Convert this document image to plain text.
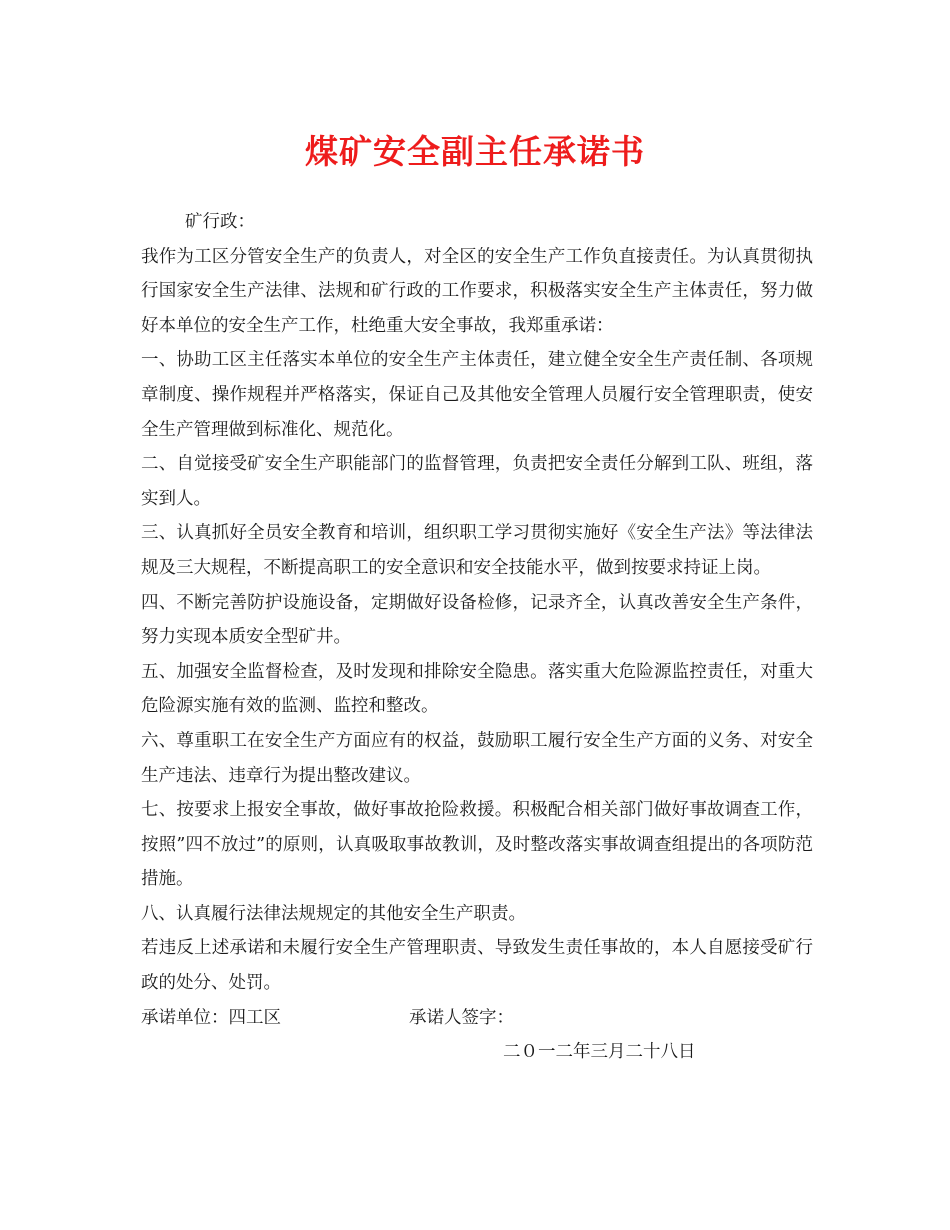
煤矿安全副主任承诺书
矿行政：

我作为工区分管安全生产的负责人，对全区的安全生产工作负直接责任。为认真贯彻执行国家安全生产法律、法规和矿行政的工作要求，积极落实安全生产主体责任，努力做好本单位的安全生产工作，杜绝重大安全事故，我郑重承诺：

一、协助工区主任落实本单位的安全生产主体责任，建立健全安全生产责任制、各项规章制度、操作规程并严格落实，保证自己及其他安全管理人员履行安全管理职责，使安全生产管理做到标准化、规范化。

二、自觉接受矿安全生产职能部门的监督管理，负责把安全责任分解到工队、班组，落实到人。

三、认真抓好全员安全教育和培训，组织职工学习贯彻实施好《安全生产法》等法律法规及三大规程，不断提高职工的安全意识和安全技能水平，做到按要求持证上岗。

四、不断完善防护设施设备，定期做好设备检修，记录齐全，认真改善安全生产条件，努力实现本质安全型矿井。

五、加强安全监督检查，及时发现和排除安全隐患。落实重大危险源监控责任，对重大危险源实施有效的监测、监控和整改。

六、尊重职工在安全生产方面应有的权益，鼓励职工履行安全生产方面的义务、对安全生产违法、违章行为提出整改建议。

七、按要求上报安全事故，做好事故抢险救援。积极配合相关部门做好事故调查工作，按照”四不放过”的原则，认真吸取事故教训，及时整改落实事故调查组提出的各项防范措施。

八、认真履行法律法规规定的其他安全生产职责。

若违反上述承诺和未履行安全生产管理职责、导致发生责任事故的，本人自愿接受矿行政的处分、处罚。

承诺单位：四工区	承诺人签字：
二０一二年三月二十八日
